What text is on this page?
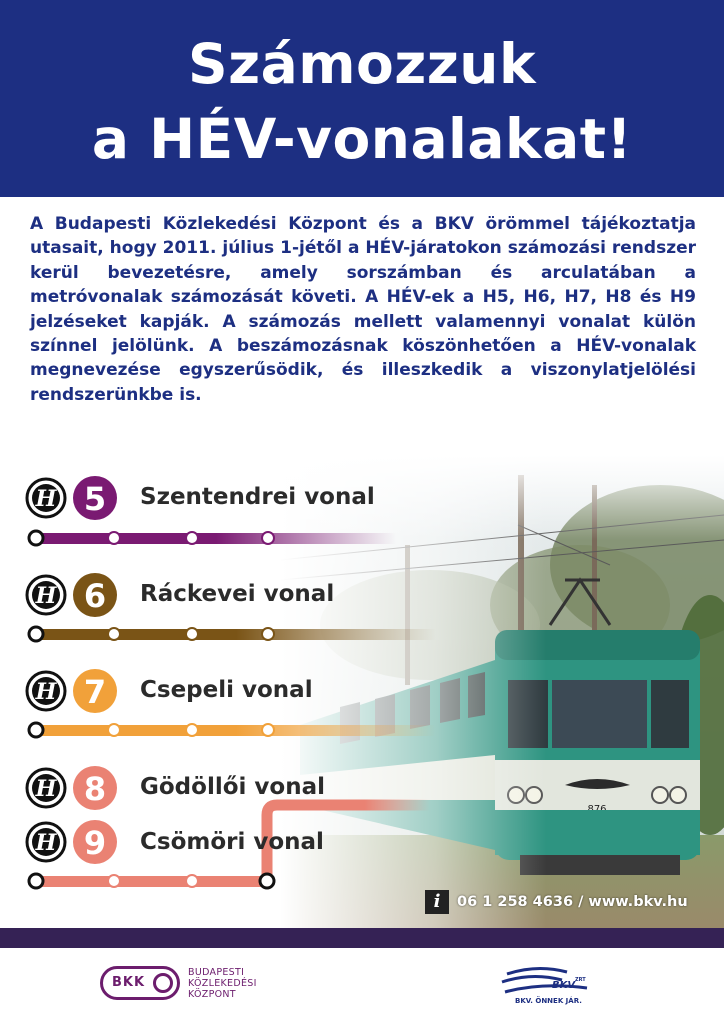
Számozzuk
a HÉV-vonalakat!
A Budapesti Közlekedési Központ és a BKV örömmel tájékoztatja utasait, hogy 2011. július 1-jétől a HÉV-járatokon számozási rendszer kerül bevezetésre, amely sorszámban és arculatában a metróvonalak számozását követi. A HÉV-ek a H5, H6, H7, H8 és H9 jelzéseket kapják. A számozás mellett valamennyi vonalat külön színnel jelölünk. A beszámozásnak köszönhetően a HÉV-vonalak megnevezése egyszerűsödik, és illeszkedik a viszonylatjelölési rendszerünkbe is.
H 5
H 6
H 7
H 8
H 9
Szentendrei vonal
Ráckevei vonal
Csepeli vonal
Gödöllői vonal
Csömöri vonal
i	06 1 258 4636 / www.bkv.hu
BKK
BUDAPESTI
KÖZLEKEDÉSI
KÖZPONT
BKV ZRT
BKV. ÖNNEK JÁR.
